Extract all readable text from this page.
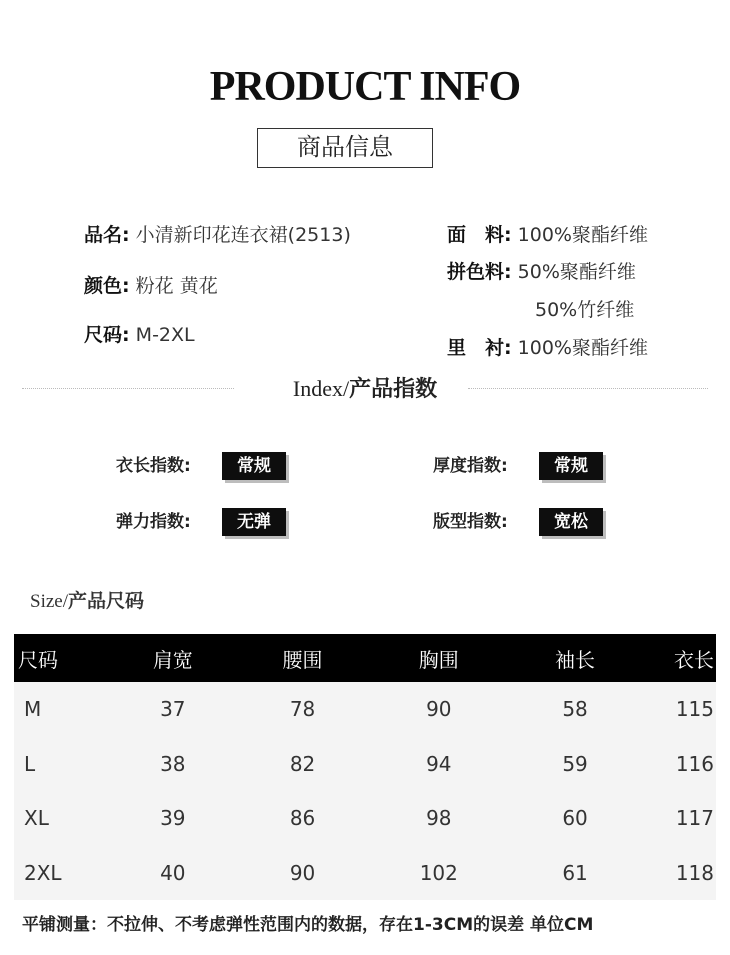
PRODUCT INFO
商品信息
品名: 小清新印花连衣裙(2513)
颜色: 粉花 黄花
尺码: M-2XL
面　料: 100%聚酯纤维
拼色料: 50%聚酯纤维
50%竹纤维
里　衬: 100%聚酯纤维
Index/产品指数
衣长指数:	常规	厚度指数:	常规
弹力指数:	无弹	版型指数:	宽松
Size/产品尺码
尺码	肩宽	腰围	胸围	袖长	衣长
M	37	78	90	58	115
L	38	82	94	59	116
XL	39	86	98	60	117
2XL	40	90	102	61	118
平铺测量：不拉伸、不考虑弹性范围内的数据，存在1-3CM的误差 单位CM
